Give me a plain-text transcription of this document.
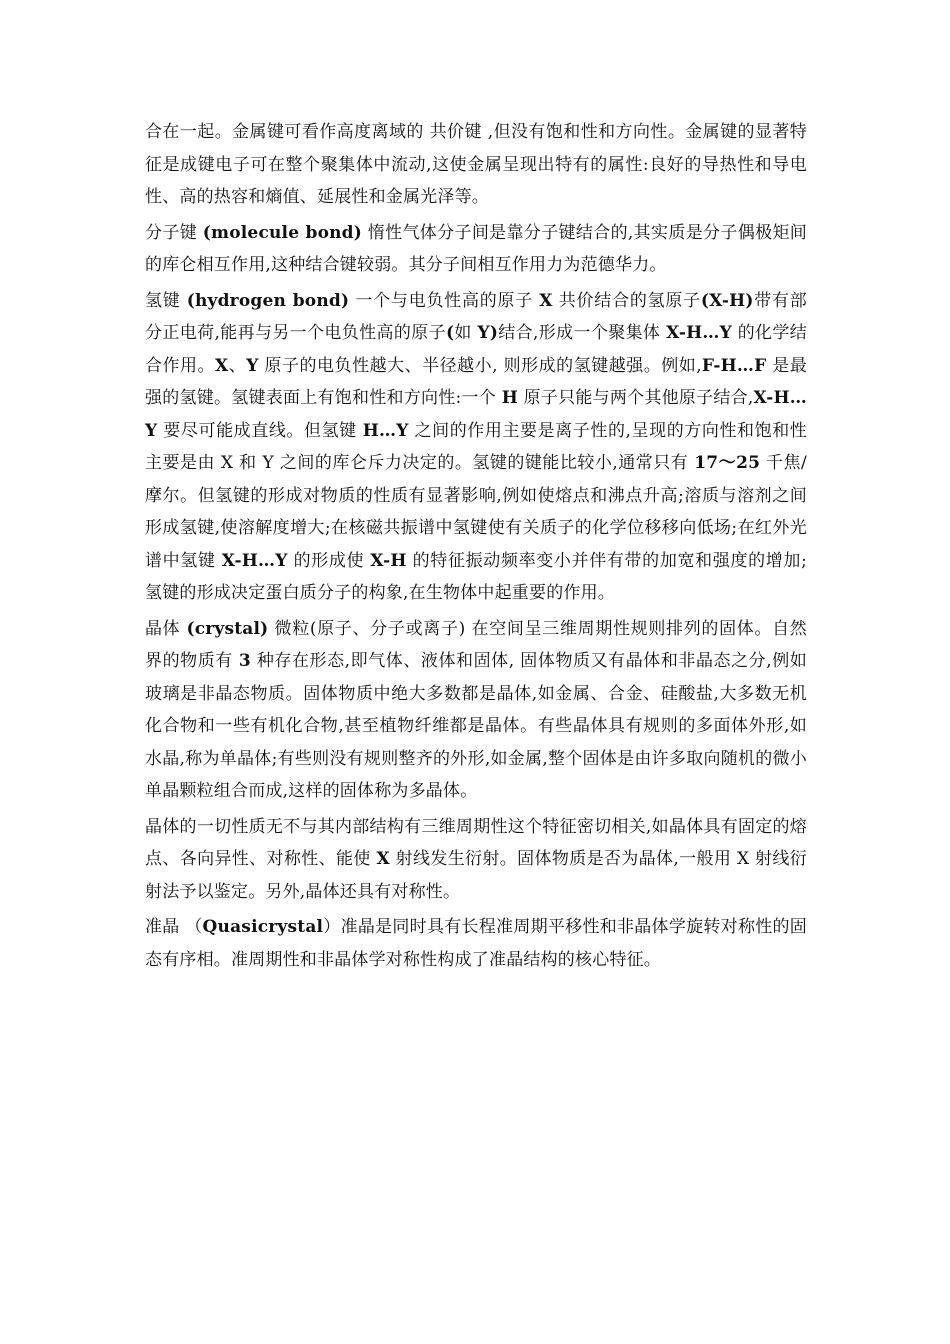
合在一起。金属键可看作高度离域的 共价键 ,但没有饱和性和方向性。金属键的显著特征是成键电子可在整个聚集体中流动,这使金属呈现出特有的属性:良好的导热性和导电性、高的热容和熵值、延展性和金属光泽等。

分子键 (molecule bond) 惰性气体分子间是靠分子键结合的,其实质是分子偶极矩间的库仑相互作用,这种结合键较弱。其分子间相互作用力为范德华力。

氢键 (hydrogen bond) 一个与电负性高的原子 X 共价结合的氢原子(X-H)带有部分正电荷,能再与另一个电负性高的原子(如 Y)结合,形成一个聚集体 X-H…Y 的化学结合作用。X、Y 原子的电负性越大、半径越小, 则形成的氢键越强。例如,F-H…F 是最强的氢键。氢键表面上有饱和性和方向性:一个 H 原子只能与两个其他原子结合,X-H…Y 要尽可能成直线。但氢键 H…Y 之间的作用主要是离子性的,呈现的方向性和饱和性主要是由 X 和 Y 之间的库仑斥力决定的。氢键的键能比较小,通常只有 17～25 千焦/摩尔。但氢键的形成对物质的性质有显著影响,例如使熔点和沸点升高;溶质与溶剂之间形成氢键,使溶解度增大;在核磁共振谱中氢键使有关质子的化学位移移向低场;在红外光谱中氢键 X-H…Y 的形成使 X-H 的特征振动频率变小并伴有带的加宽和强度的增加;氢键的形成决定蛋白质分子的构象,在生物体中起重要的作用。

晶体 (crystal) 微粒(原子、分子或离子) 在空间呈三维周期性规则排列的固体。自然界的物质有 3 种存在形态,即气体、液体和固体, 固体物质又有晶体和非晶态之分,例如玻璃是非晶态物质。固体物质中绝大多数都是晶体,如金属、合金、硅酸盐,大多数无机化合物和一些有机化合物,甚至植物纤维都是晶体。有些晶体具有规则的多面体外形,如水晶,称为单晶体;有些则没有规则整齐的外形,如金属,整个固体是由许多取向随机的微小单晶颗粒组合而成,这样的固体称为多晶体。

晶体的一切性质无不与其内部结构有三维周期性这个特征密切相关,如晶体具有固定的熔点、各向异性、对称性、能使 X 射线发生衍射。固体物质是否为晶体,一般用 X 射线衍射法予以鉴定。另外,晶体还具有对称性。

准晶 （Quasicrystal）准晶是同时具有长程准周期平移性和非晶体学旋转对称性的固态有序相。准周期性和非晶体学对称性构成了准晶结构的核心特征。
